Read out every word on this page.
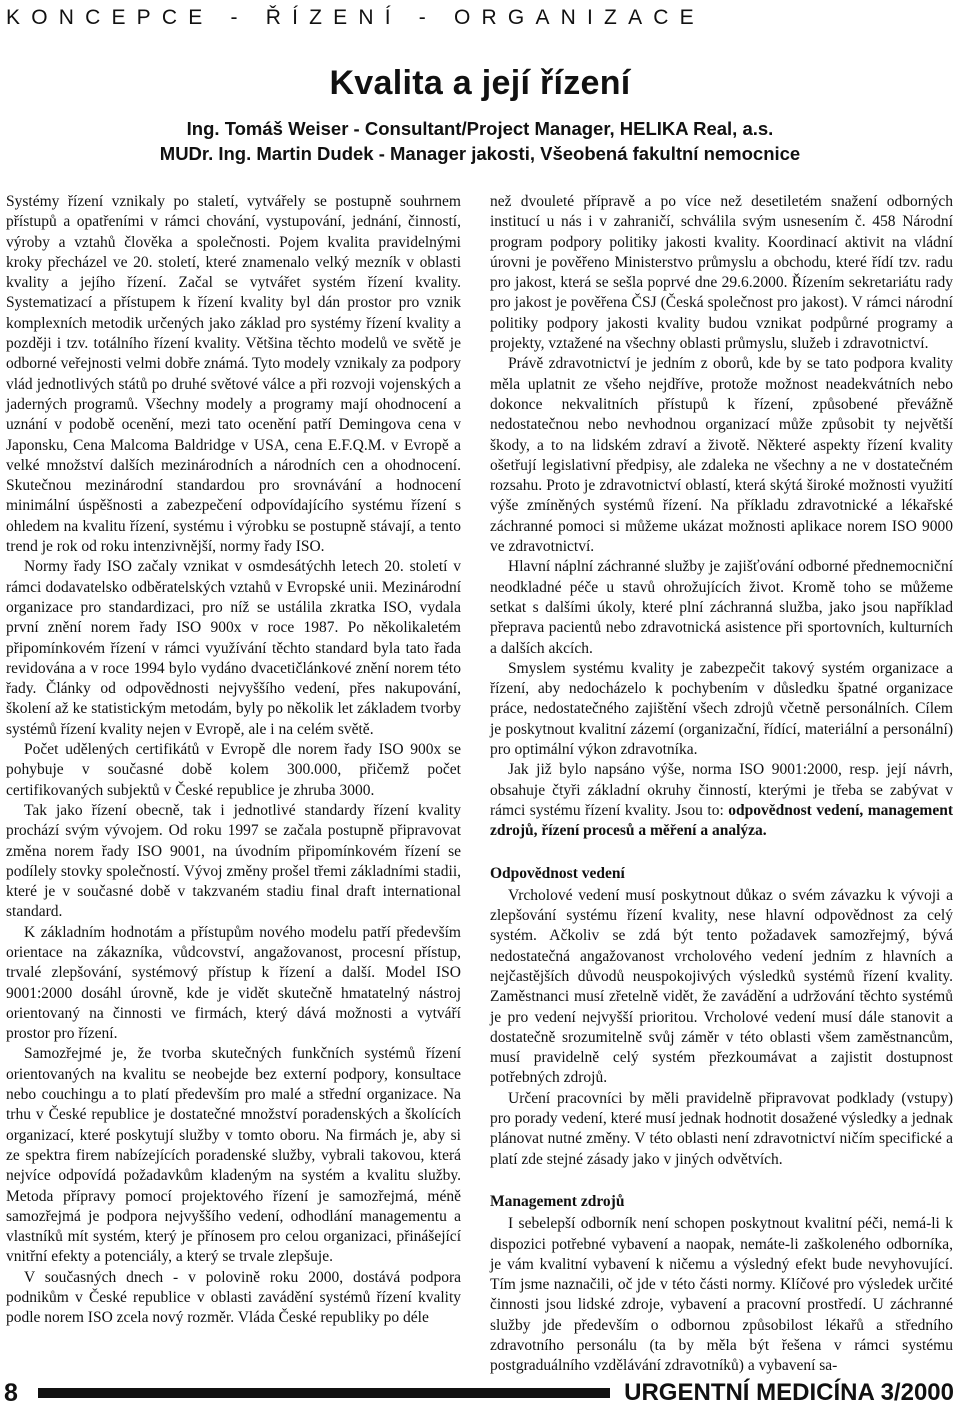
KONCEPCE - ŘÍZENÍ - ORGANIZACE
Kvalita a její řízení
Ing. Tomáš Weiser - Consultant/Project Manager, HELIKA Real, a.s.
MUDr. Ing. Martin Dudek - Manager jakosti, Všeobená fakultní nemocnice

Systémy řízení vznikaly po staletí, vytvářely se postupně souhrnem přístupů a opatřeními v rámci chování, vystupování, jednání, činností, výroby a vztahů člověka a společnosti. Pojem kvalita pravidelnými kroky přecházel ve 20. století, které znamenalo velký mezník v oblasti kvality a jejího řízení. Začal se vytvářet systém řízení kvality. Systematizací a přístupem k řízení kvality byl dán prostor pro vznik komplexních metodik určených jako základ pro systémy řízení kvality a později i tzv. totálního řízení kvality. Většina těchto modelů ve světě je odborné veřejnosti velmi dobře známá. Tyto modely vznikaly za podpory vlád jednotlivých států po druhé světové válce a při rozvoji vojenských a jaderných programů. Všechny modely a programy mají ohodnocení a uznání v podobě ocenění, mezi tato ocenění patří Demingova cena v Japonsku, Cena Malcoma Baldridge v USA, cena E.F.Q.M. v Evropě a velké množství dalších mezinárodních a národních cen a ohodnocení. Skutečnou mezinárodní standardou pro srovnávání a hodnocení minimální úspěšnosti a zabezpečení odpovídajícího systému řízení s ohledem na kvalitu řízení, systému i výrobku se postupně stávají, a tento trend je rok od roku intenzivnější, normy řady ISO.

Normy řady ISO začaly vznikat v osmdesátýchh letech 20. století v rámci dodavatelsko odběratelských vztahů v Evropské unii. Mezinárodní organizace pro standardizaci, pro níž se ustálila zkratka ISO, vydala první znění norem řady ISO 900x v roce 1987. Po několikaletém připomínkovém řízení v rámci využívání těchto standard byla tato řada revidována a v roce 1994 bylo vydáno dvacetičlánkové znění norem této řady. Články od odpovědnosti nejvyššího vedení, přes nakupování, školení až ke statistickým metodám, byly po několik let základem tvorby systémů řízení kvality nejen v Evropě, ale i na celém světě.

Počet udělených certifikátů v Evropě dle norem řady ISO 900x se pohybuje v současné době kolem 300.000, přičemž počet certifikovaných subjektů v České republice je zhruba 3000.

Tak jako řízení obecně, tak i jednotlivé standardy řízení kvality prochází svým vývojem. Od roku 1997 se začala postupně připravovat změna norem řady ISO 9001, na úvodním připomínkovém řízení se podílely stovky společností. Vývoj změny prošel třemi základními stadii, které je v současné době v takzvaném stadiu final draft international standard.

K základním hodnotám a přístupům nového modelu patří především orientace na zákazníka, vůdcovství, angažovanost, procesní přístup, trvalé zlepšování, systémový přístup k řízení a další. Model ISO 9001:2000 dosáhl úrovně, kde je vidět skutečně hmatatelný nástroj orientovaný na činnosti ve firmách, který dává možnosti a vytváří prostor pro řízení.

Samozřejmé je, že tvorba skutečných funkčních systémů řízení orientovaných na kvalitu se neobejde bez externí podpory, konsultace nebo couchingu a to platí především pro malé a střední organizace. Na trhu v České republice je dostatečné množství poradenských a školících organizací, které poskytují služby v tomto oboru. Na firmách je, aby si ze spektra firem nabízejících poradenské služby, vybrali takovou, která nejvíce odpovídá požadavkům kladeným na systém a kvalitu služby. Metoda přípravy pomocí projektového řízení je samozřejmá, méně samozřejmá je podpora nejvyššího vedení, odhodlání managementu a vlastníků mít systém, který je přínosem pro celou organizaci, přinášející vnitřní efekty a potenciály, a který se trvale zlepšuje.

V současných dnech - v polovině roku 2000, dostává podpora podnikům v České republice v oblasti zavádění systémů řízení kvality podle norem ISO zcela nový rozměr. Vláda České republiky po déle

než dvouleté přípravě a po více než desetiletém snažení odborných institucí u nás i v zahraničí, schválila svým usnesením č. 458 Národní program podpory politiky jakosti kvality. Koordinací aktivit na vládní úrovni je pověřeno Ministerstvo průmyslu a obchodu, které řídí tzv. radu pro jakost, která se sešla poprvé dne 29.6.2000. Řízením sekretariátu rady pro jakost je pověřena ČSJ (Česká společnost pro jakost). V rámci národní politiky podpory jakosti kvality budou vznikat podpůrné programy a projekty, vztažené na všechny oblasti průmyslu, služeb i zdravotnictví.

Právě zdravotnictví je jedním z oborů, kde by se tato podpora kvality měla uplatnit ze všeho nejdříve, protože možnost neadekvátních nebo dokonce nekvalitních přístupů k řízení, způsobené převážně nedostatečnou nebo nevhodnou organizací může způsobit ty největší škody, a to na lidském zdraví a životě. Některé aspekty řízení kvality ošetřují legislativní předpisy, ale zdaleka ne všechny a ne v dostatečném rozsahu. Proto je zdravotnictví oblastí, která skýtá široké možnosti využití výše zmíněných systémů řízení. Na příkladu zdravotnické a lékařské záchranné pomoci si můžeme ukázat možnosti aplikace norem ISO 9000 ve zdravotnictví.

Hlavní náplní záchranné služby je zajišťování odborné přednemocniční neodkladné péče u stavů ohrožujících život. Kromě toho se můžeme setkat s dalšími úkoly, které plní záchranná služba, jako jsou například přeprava pacientů nebo zdravotnická asistence při sportovních, kulturních a dalších akcích.

Smyslem systému kvality je zabezpečit takový systém organizace a řízení, aby nedocházelo k pochybením v důsledku špatné organizace práce, nedostatečného zajištění všech zdrojů včetně personálních. Cílem je poskytnout kvalitní zázemí (organizační, řídící, materiální a personální) pro optimální výkon zdravotníka.

Jak již bylo napsáno výše, norma ISO 9001:2000, resp. její návrh, obsahuje čtyři základní okruhy činností, kterými je třeba se zabývat v rámci systému řízení kvality. Jsou to: odpovědnost vedení, management zdrojů, řízení procesů a měření a analýza.

Odpovědnost vedení

Vrcholové vedení musí poskytnout důkaz o svém závazku k vývoji a zlepšování systému řízení kvality, nese hlavní odpovědnost za celý systém. Ačkoliv se zdá být tento požadavek samozřejmý, bývá nedostatečná angažovanost vrcholového vedení jedním z hlavních a nejčastějších důvodů neuspokojivých výsledků systémů řízení kvality. Zaměstnanci musí zřetelně vidět, že zavádění a udržování těchto systémů je pro vedení nejvyšší prioritou. Vrcholové vedení musí dále stanovit a dostatečně srozumitelně svůj záměr v této oblasti všem zaměstnancům, musí pravidelně celý systém přezkoumávat a zajistit dostupnost potřebných zdrojů.

Určení pracovníci by měli pravidelně připravovat podklady (vstupy) pro porady vedení, které musí jednak hodnotit dosažené výsledky a jednak plánovat nutné změny. V této oblasti není zdravotnictví ničím specifické a platí zde stejné zásady jako v jiných odvětvích.

Management zdrojů

I sebelepší odborník není schopen poskytnout kvalitní péči, nemá-li k dispozici potřebné vybavení a naopak, nemáte-li zaškoleného odborníka, je vám kvalitní vybavení k ničemu a výsledný efekt bude nevyhovující. Tím jsme naznačili, oč jde v této části normy. Klíčové pro výsledek určité činnosti jsou lidské zdroje, vybavení a pracovní prostředí. U záchranné služby jde především o odbornou způsobilost lékařů a středního zdravotního personálu (ta by měla být řešena v rámci systému postgraduálního vzdělávání zdravotníků) a vybavení sa-

8	URGENTNÍ MEDICÍNA 3/2000
